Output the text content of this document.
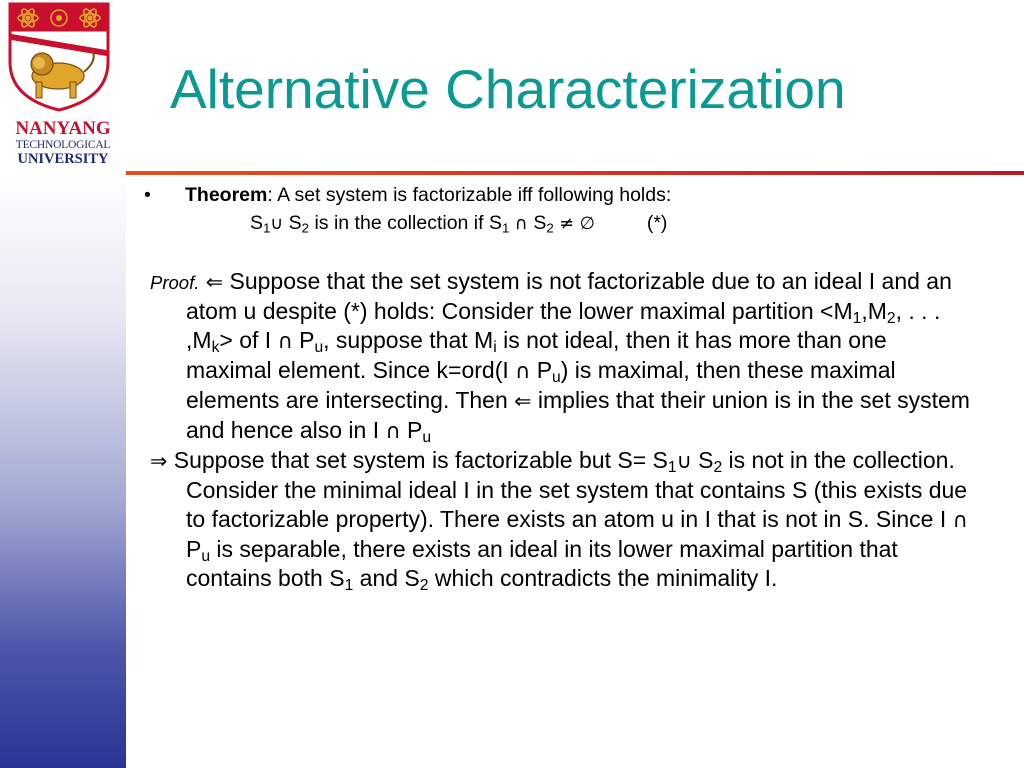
NANYANG
TECHNOLOGICAL
UNIVERSITY
Alternative Characterization
• Theorem: A set system is factorizable iff following holds:
$S_1\cup$ $S_2$ is in the collection if $S_1$ ∩ $S_2$ ≠ ∅	(*)

Proof. ⇐ Suppose that the set system is not factorizable due to an ideal I and an atom u despite (*) holds: Consider the lower maximal partition $<M_1,M_2$, . . . $,M_k>$ of I ∩ $P_u$, suppose that $M_i$ is not ideal, then it has more than one maximal element. Since k=ord(I ∩ $P_u$) is maximal, then these maximal elements are intersecting. Then ⇐ implies that their union is in the set system and hence also in I ∩ $P_u$

⇒ Suppose that set system is factorizable but $S= S_1\cup$ $S_2$ is not in the collection. Consider the minimal ideal I in the set system that contains S (this exists due to factorizable property). There exists an atom u in I that is not in S. Since I ∩ $P_u$ is separable, there exists an ideal in its lower maximal partition that contains both $S_1$ and $S_2$ which contradicts the minimality I.
